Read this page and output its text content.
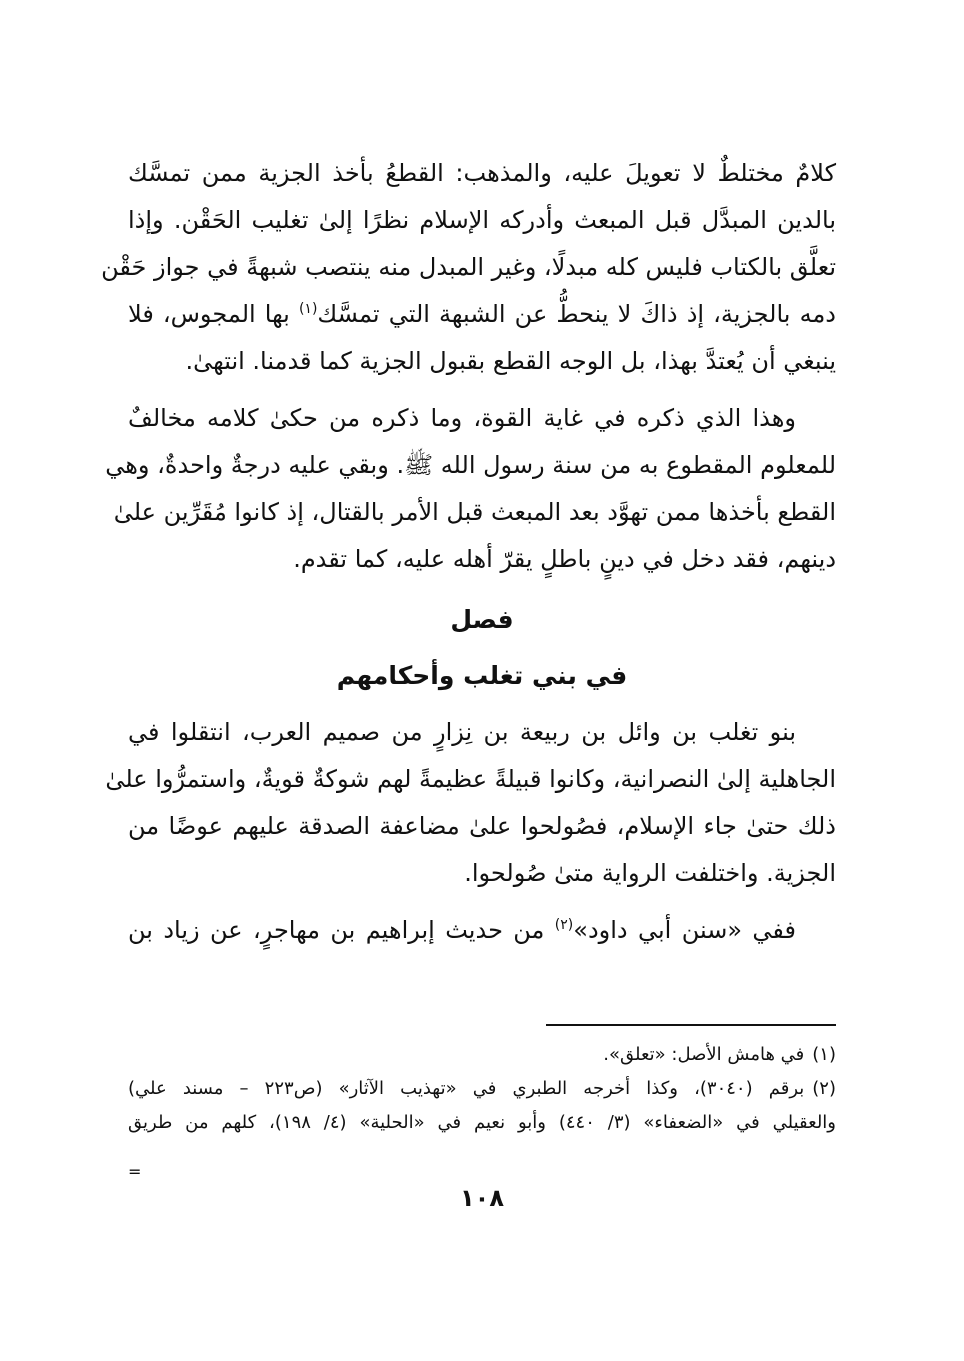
كلامٌ مختلطٌ لا تعويلَ عليه، والمذهب: القطعُ بأخذ الجزية ممن تمسَّك
بالدين المبدَّل قبل المبعث وأدركه الإسلام نظرًا إلىٰ تغليب الحَقْن. وإذا
تعلَّق بالكتاب فليس كله مبدلًا، وغير المبدل منه ينتصب شبهةً في جواز حَقْن
دمه بالجزية، إذ ذاكَ لا ينحطُّ عن الشبهة التي تمسَّك$^{(١)}$ بها المجوس، فلا
ينبغي أن يُعتدَّ بهذا، بل الوجه القطع بقبول الجزية كما قدمنا. انتهىٰ.

وهذا الذي ذكره في غاية القوة، وما ذكره من حكىٰ كلامه مخالفٌ
للمعلوم المقطوع به من سنة رسول الله ﷺ. وبقي عليه درجةٌ واحدةٌ، وهي
القطع بأخذها ممن تهوَّد بعد المبعث قبل الأمر بالقتال، إذ كانوا مُقَرِّين علىٰ
دينهم، فقد دخل في دينٍ باطلٍ يقرّ أهله عليه، كما تقدم.

فصل
في بني تغلب وأحكامهم

بنو تغلب بن وائل بن ربيعة بن نِزارٍ من صميم العرب، انتقلوا في
الجاهلية إلىٰ النصرانية، وكانوا قبيلةً عظيمةً لهم شوكةٌ قويةٌ، واستمرُّوا علىٰ
ذلك حتىٰ جاء الإسلام، فصُولحوا علىٰ مضاعفة الصدقة عليهم عوضًا من
الجزية. واختلفت الرواية متىٰ صُولحوا.

ففي «سنن أبي داود»$^{(٢)}$ من حديث إبراهيم بن مهاجرٍ، عن زياد بن

(١)في هامش الأصل: «تعلق».
(٢)برقم (٣٠٤٠)، وكذا أخرجه الطبري في «تهذيب الآثار» (ص٢٢٣ – مسند علي)
والعقيلي في «الضعفاء» (٣/ ٤٤٠) وأبو نعيم في «الحلية» (٤/ ١٩٨)، كلهم من طريق
=
١٠٨
